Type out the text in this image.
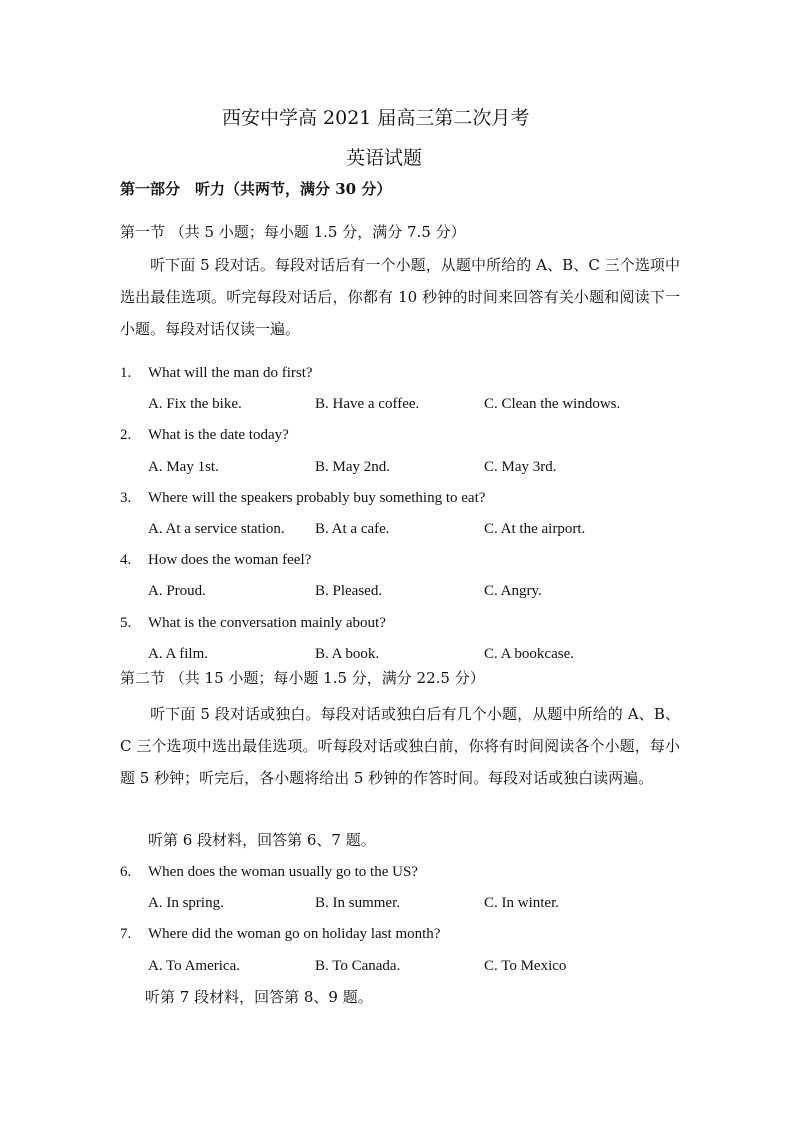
西安中学高 2021 届高三第二次月考
英语试题
第一部分　听力（共两节，满分 30 分）
第一节 （共 5 小题；每小题 1.5 分，满分 7.5 分）
听下面 5 段对话。每段对话后有一个小题，从题中所给的 A、B、C 三个选项中选出最佳选项。听完每段对话后，你都有 10 秒钟的时间来回答有关小题和阅读下一小题。每段对话仅读一遍。
1. What will the man do first?
A. Fix the bike.	B. Have a coffee.	C. Clean the windows.
2. What is the date today?
A. May 1st.	B. May 2nd.	C. May 3rd.
3. Where will the speakers probably buy something to eat?
A. At a service station. B. At a cafe.	C. At the airport.
4. How does the woman feel?
A. Proud.	B. Pleased.	C. Angry.
5. What is the conversation mainly about?
A. A film.	B. A book.	C. A bookcase.
第二节 （共 15 小题；每小题 1.5 分，满分 22.5 分）
听下面 5 段对话或独白。每段对话或独白后有几个小题，从题中所给的 A、B、C 三个选项中选出最佳选项。听每段对话或独白前，你将有时间阅读各个小题，每小题 5 秒钟；听完后，各小题将给出 5 秒钟的作答时间。每段对话或独白读两遍。
听第 6 段材料，回答第 6、7 题。
6. When does the woman usually go to the US?
A. In spring.	B. In summer.	C. In winter.
7. Where did the woman go on holiday last month?
A. To America.	B. To Canada.	C. To Mexico
听第 7 段材料，回答第 8、9 题。
